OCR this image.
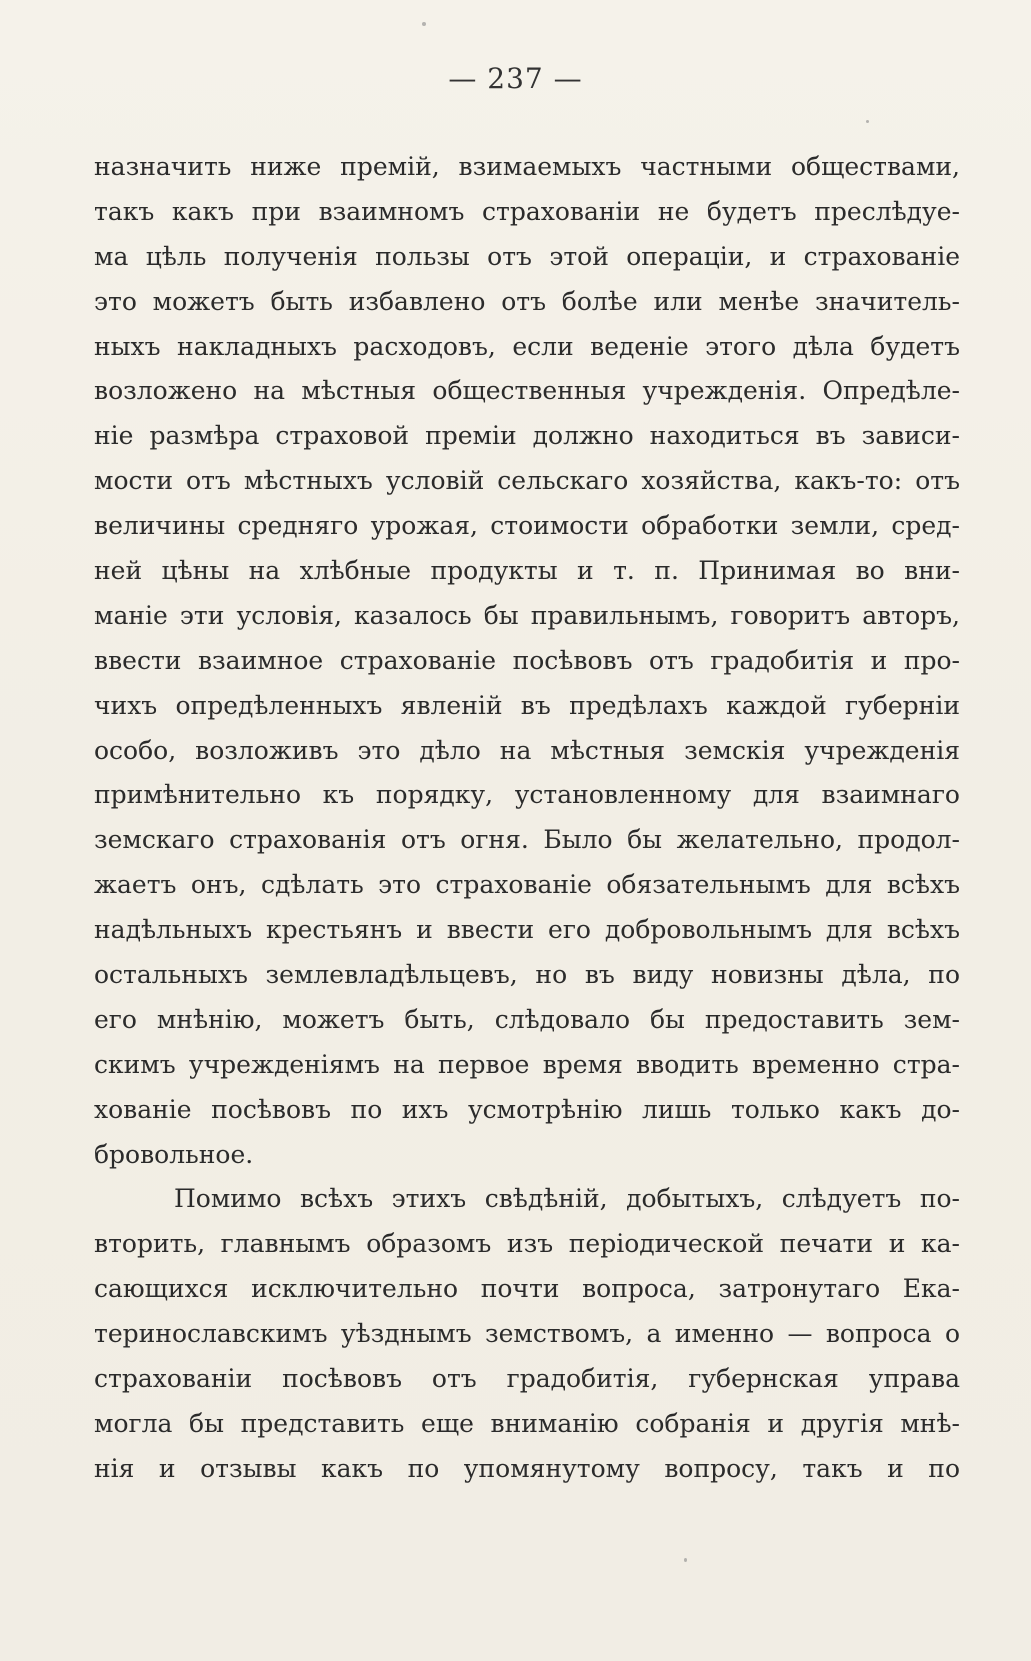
— 237 —
назначить ниже премій, взимаемыхъ частными обществами,
такъ какъ при взаимномъ страхованіи не будетъ преслѣдуе-
ма цѣль полученія пользы отъ этой операціи, и страхованіе
это можетъ быть избавлено отъ болѣе или менѣе значитель-
ныхъ накладныхъ расходовъ, если веденіе этого дѣла будетъ
возложено на мѣстныя общественныя учрежденія. Опредѣле-
ніе размѣра страховой премiи должно находиться въ зависи-
мости отъ мѣстныхъ условій сельскаго хозяйства, какъ-то: отъ
величины средняго урожая, стоимости обработки земли, сред-
ней цѣны на хлѣбные продукты и т. п. Принимая во вни-
маніе эти условія, казалось бы правильнымъ, говоритъ авторъ,
ввести взаимное страхованіе посѣвовъ отъ градобитія и про-
чихъ опредѣленныхъ явленій въ предѣлахъ каждой губерніи
особо, возложивъ это дѣло на мѣстныя земскія учрежденія
примѣнительно къ порядку, установленному для взаимнаго
земскаго страхованія отъ огня. Было бы желательно, продол-
жаетъ онъ, сдѣлать это страхованіе обязательнымъ для всѣхъ
надѣльныхъ крестьянъ и ввести его добровольнымъ для всѣхъ
остальныхъ землевладѣльцевъ, но въ виду новизны дѣла, по
его мнѣнію, можетъ быть, слѣдовало бы предоставить зем-
скимъ учрежденіямъ на первое время вводить временно стра-
хованіе посѣвовъ по ихъ усмотрѣнію лишь только какъ до-
бровольное.
Помимо всѣхъ этихъ свѣдѣній, добытыхъ, слѣдуетъ по-
вторить, главнымъ образомъ изъ періодической печати и ка-
сающихся исключительно почти вопроса, затронутаго Ека-
теринославскимъ уѣзднымъ земствомъ, а именно — вопроса о
страхованіи посѣвовъ отъ градобитія, губернская управа
могла бы представить еще вниманію собранія и другія мнѣ-
нія и отзывы какъ по упомянутому вопросу, такъ и по
